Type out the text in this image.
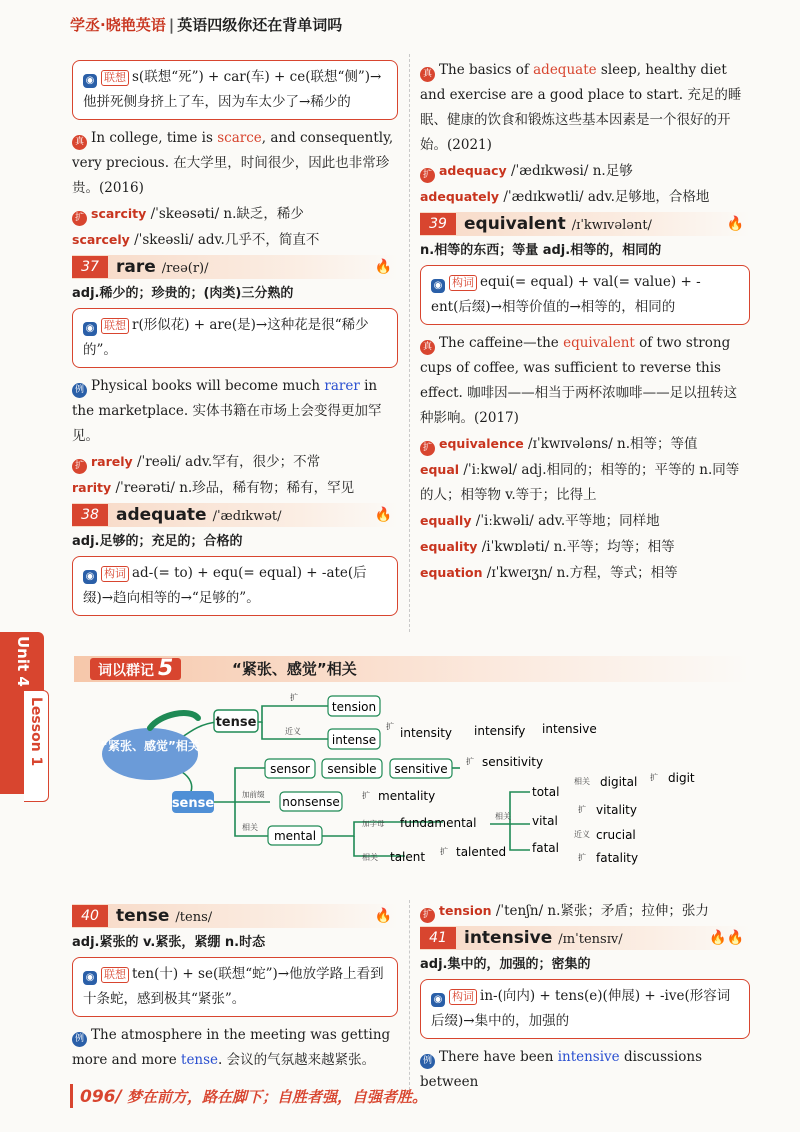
学丞·晓艳英语 | 英语四级你还在背单词吗
◉ 联想 s(联想“死”) + car(车) + ce(联想“侧”)→他拼死侧身挤上了车，因为车太少了→稀少的

真 In college, time is scarce, and consequently, very precious. 在大学里，时间很少，因此也非常珍贵。(2016)

扩 scarcity /ˈskeəsəti/ n.缺乏，稀少

scarcely /ˈskeəsli/ adv.几乎不，简直不

37	rare /reə(r)/	🔥

adj.稀少的；珍贵的；(肉类)三分熟的

◉ 联想 r(形似花) + are(是)→这种花是很“稀少的”。

例 Physical books will become much rarer in the marketplace. 实体书籍在市场上会变得更加罕见。

扩 rarely /ˈreəli/ adv.罕有，很少；不常

rarity /ˈreərəti/ n.珍品，稀有物；稀有，罕见

38	adequate /ˈædɪkwət/	🔥

adj.足够的；充足的；合格的

◉ 构词 ad-(= to) + equ(= equal) + -ate(后缀)→趋向相等的→“足够的”。

真 The basics of adequate sleep, healthy diet and exercise are a good place to start. 充足的睡眠、健康的饮食和锻炼这些基本因素是一个很好的开始。(2021)

扩 adequacy /ˈædɪkwəsi/ n.足够

adequately /ˈædɪkwətli/ adv.足够地，合格地

39	equivalent /ɪˈkwɪvələnt/	🔥

n.相等的东西；等量 adj.相等的，相同的

◉ 构词 equi(= equal) + val(= value) + -ent(后缀)→相等价值的→相等的，相同的

真 The caffeine—the equivalent of two strong cups of coffee, was sufficient to reverse this effect. 咖啡因——相当于两杯浓咖啡——足以扭转这种影响。(2017)

扩 equivalence /ɪˈkwɪvələns/ n.相等；等值

equal /ˈiːkwəl/ adj.相同的；相等的；平等的 n.同等的人；相等物 v.等于；比得上

equally /ˈiːkwəli/ adv.平等地；同样地

equality /iˈkwɒləti/ n.平等；均等；相等

equation /ɪˈkweɪʒn/ n.方程，等式；相等

Unit 4
Lesson 1
词以群记 5	“紧张、感觉”相关
“紧张、感觉”相关
tense
扩
tension
近义
intense
扩 intensity intensify intensive
sense
sensor sensible sensitive
扩 sensitivity
加前缀
nonsense
相关
mental
扩 mentality
加字母 fundamental 相关
相关 talent 扩 talented
total
相关 digital 扩 digit
vital
扩 vitality
近义 crucial
fatal
扩 fatality
40	tense /tens/	🔥

adj.紧张的 v.紧张，紧绷 n.时态

◉ 联想 ten(十) + se(联想“蛇”)→他放学路上看到十条蛇，感到极其“紧张”。

例 The atmosphere in the meeting was getting more and more tense. 会议的气氛越来越紧张。

扩 tension /ˈtenʃn/ n.紧张；矛盾；拉伸；张力

41	intensive /ɪnˈtensɪv/	🔥🔥

adj.集中的，加强的；密集的

◉ 构词 in-(向内) + tens(e)(伸展) + -ive(形容词后缀)→集中的，加强的

例 There have been intensive discussions between

096/ 梦在前方，路在脚下；自胜者强，自强者胜。
